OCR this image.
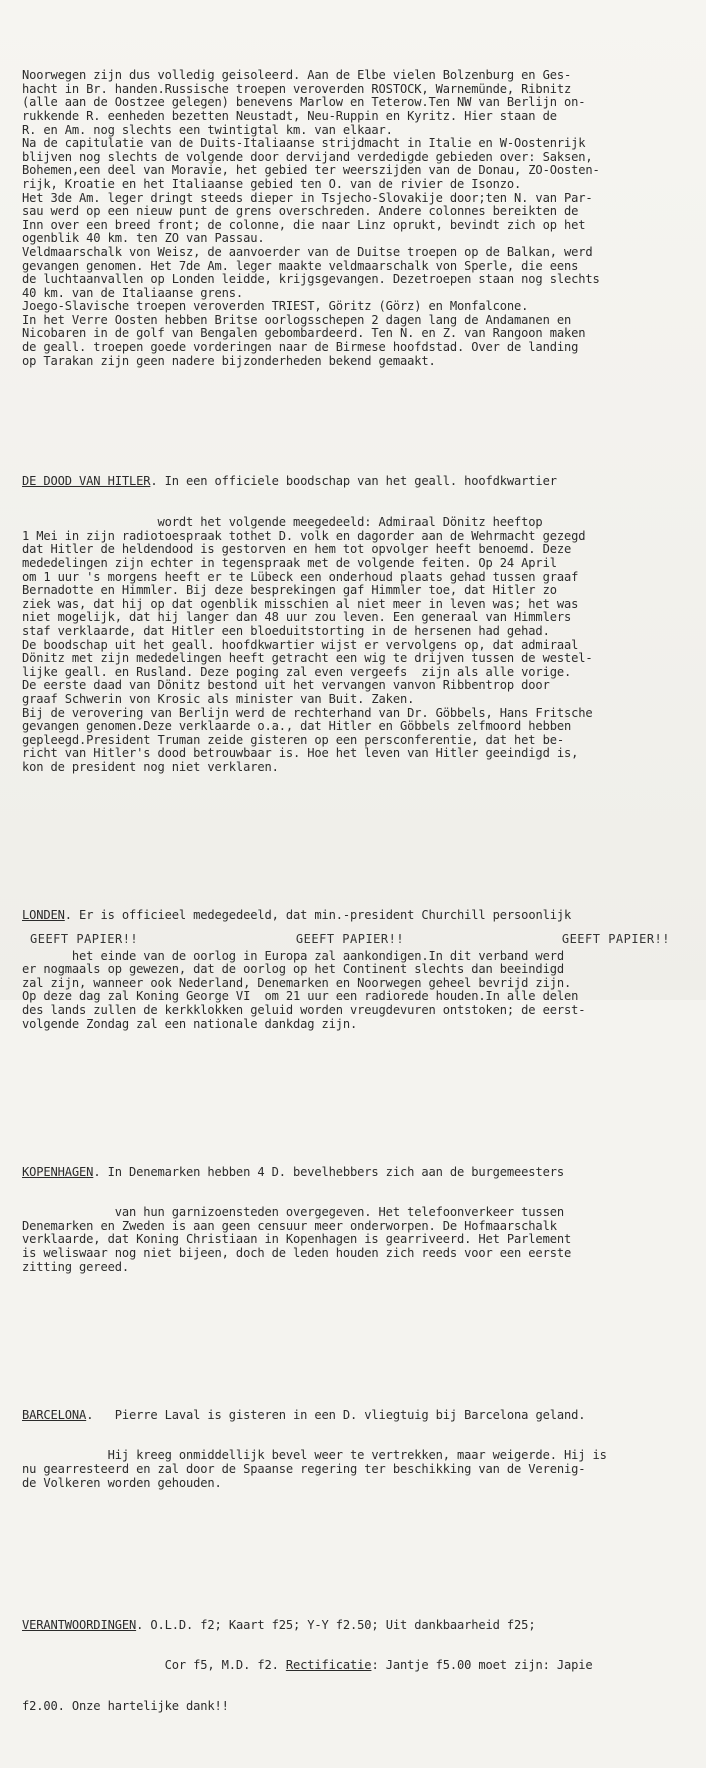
Noorwegen zijn dus volledig geisoleerd. Aan de Elbe vielen Bolzenburg en Ges-
hacht in Br. handen.Russische troepen veroverden ROSTOCK, Warnemünde, Ribnitz
(alle aan de Oostzee gelegen) benevens Marlow en Teterow.Ten NW van Berlijn on-
rukkende R. eenheden bezetten Neustadt, Neu-Ruppin en Kyritz. Hier staan de
R. en Am. nog slechts een twintigtal km. van elkaar.
Na de capitulatie van de Duits-Italiaanse strijdmacht in Italie en W-Oostenrijk
blijven nog slechts de volgende door dervijand verdedigde gebieden over: Saksen,
Bohemen,een deel van Moravie, het gebied ter weerszijden van de Donau, ZO-Oosten-
rijk, Kroatie en het Italiaanse gebied ten O. van de rivier de Isonzo.
Het 3de Am. leger dringt steeds dieper in Tsjecho-Slovakije door;ten N. van Par-
sau werd op een nieuw punt de grens overschreden. Andere colonnes bereikten de
Inn over een breed front; de colonne, die naar Linz oprukt, bevindt zich op het
ogenblik 40 km. ten ZO van Passau.
Veldmaarschalk von Weisz, de aanvoerder van de Duitse troepen op de Balkan, werd
gevangen genomen. Het 7de Am. leger maakte veldmaarschalk von Sperle, die eens
de luchtaanvallen op Londen leidde, krijgsgevangen. Dezetroepen staan nog slechts
40 km. van de Italiaanse grens.
Joego-Slavische troepen veroverden TRIEST, Göritz (Görz) en Monfalcone.
In het Verre Oosten hebben Britse oorlogsschepen 2 dagen lang de Andamanen en
Nicobaren in de golf van Bengalen gebombardeerd. Ten N. en Z. van Rangoon maken
de geall. troepen goede vorderingen naar de Birmese hoofdstad. Over de landing
op Tarakan zijn geen nadere bijzonderheden bekend gemaakt.

DE DOOD VAN HITLER. In een officiele boodschap van het geall. hoofdkwartier

wordt het volgende meegedeeld: Admiraal Dönitz heeftop
1 Mei in zijn radiotoespraak tothet D. volk en dagorder aan de Wehrmacht gezegd
dat Hitler de heldendood is gestorven en hem tot opvolger heeft benoemd. Deze
mededelingen zijn echter in tegenspraak met de volgende feiten. Op 24 April
om 1 uur 's morgens heeft er te Lübeck een onderhoud plaats gehad tussen graaf
Bernadotte en Himmler. Bij deze besprekingen gaf Himmler toe, dat Hitler zo
ziek was, dat hij op dat ogenblik misschien al niet meer in leven was; het was
niet mogelijk, dat hij langer dan 48 uur zou leven. Een generaal van Himmlers
staf verklaarde, dat Hitler een bloeduitstorting in de hersenen had gehad.
De boodschap uit het geall. hoofdkwartier wijst er vervolgens op, dat admiraal
Dönitz met zijn mededelingen heeft getracht een wig te drijven tussen de westel-
lijke geall. en Rusland. Deze poging zal even vergeefs  zijn als alle vorige.
De eerste daad van Dönitz bestond uit het vervangen vanvon Ribbentrop door
graaf Schwerin von Krosic als minister van Buit. Zaken.
Bij de verovering van Berlijn werd de rechterhand van Dr. Göbbels, Hans Fritsche
gevangen genomen.Deze verklaarde o.a., dat Hitler en Göbbels zelfmoord hebben
gepleegd.President Truman zeide gisteren op een persconferentie, dat het be-
richt van Hitler's dood betrouwbaar is. Hoe het leven van Hitler geeindigd is,
kon de president nog niet verklaren.

LONDEN. Er is officieel medegedeeld, dat min.-president Churchill persoonlijk

het einde van de oorlog in Europa zal aankondigen.In dit verband werd
er nogmaals op gewezen, dat de oorlog op het Continent slechts dan beeindigd
zal zijn, wanneer ook Nederland, Denemarken en Noorwegen geheel bevrijd zijn.
Op deze dag zal Koning George VI  om 21 uur een radiorede houden.In alle delen
des lands zullen de kerkklokken geluid worden vreugdevuren ontstoken; de eerst-
volgende Zondag zal een nationale dankdag zijn.

KOPENHAGEN. In Denemarken hebben 4 D. bevelhebbers zich aan de burgemeesters

van hun garnizoensteden overgegeven. Het telefoonverkeer tussen
Denemarken en Zweden is aan geen censuur meer onderworpen. De Hofmaarschalk
verklaarde, dat Koning Christiaan in Kopenhagen is gearriveerd. Het Parlement
is weliswaar nog niet bijeen, doch de leden houden zich reeds voor een eerste
zitting gereed.

BARCELONA.   Pierre Laval is gisteren in een D. vliegtuig bij Barcelona geland.

Hij kreeg onmiddellijk bevel weer te vertrekken, maar weigerde. Hij is
nu gearresteerd en zal door de Spaanse regering ter beschikking van de Verenig-
de Volkeren worden gehouden.

VERANTWOORDINGEN. O.L.D. f2; Kaart f25; Y-Y f2.50; Uit dankbaarheid f25;

Cor f5, M.D. f2. Rectificatie: Jantje f5.00 moet zijn: Japie

f2.00. Onze hartelijke dank!!

GEEFT PAPIER!!	GEEFT PAPIER!!	GEEFT PAPIER!!
